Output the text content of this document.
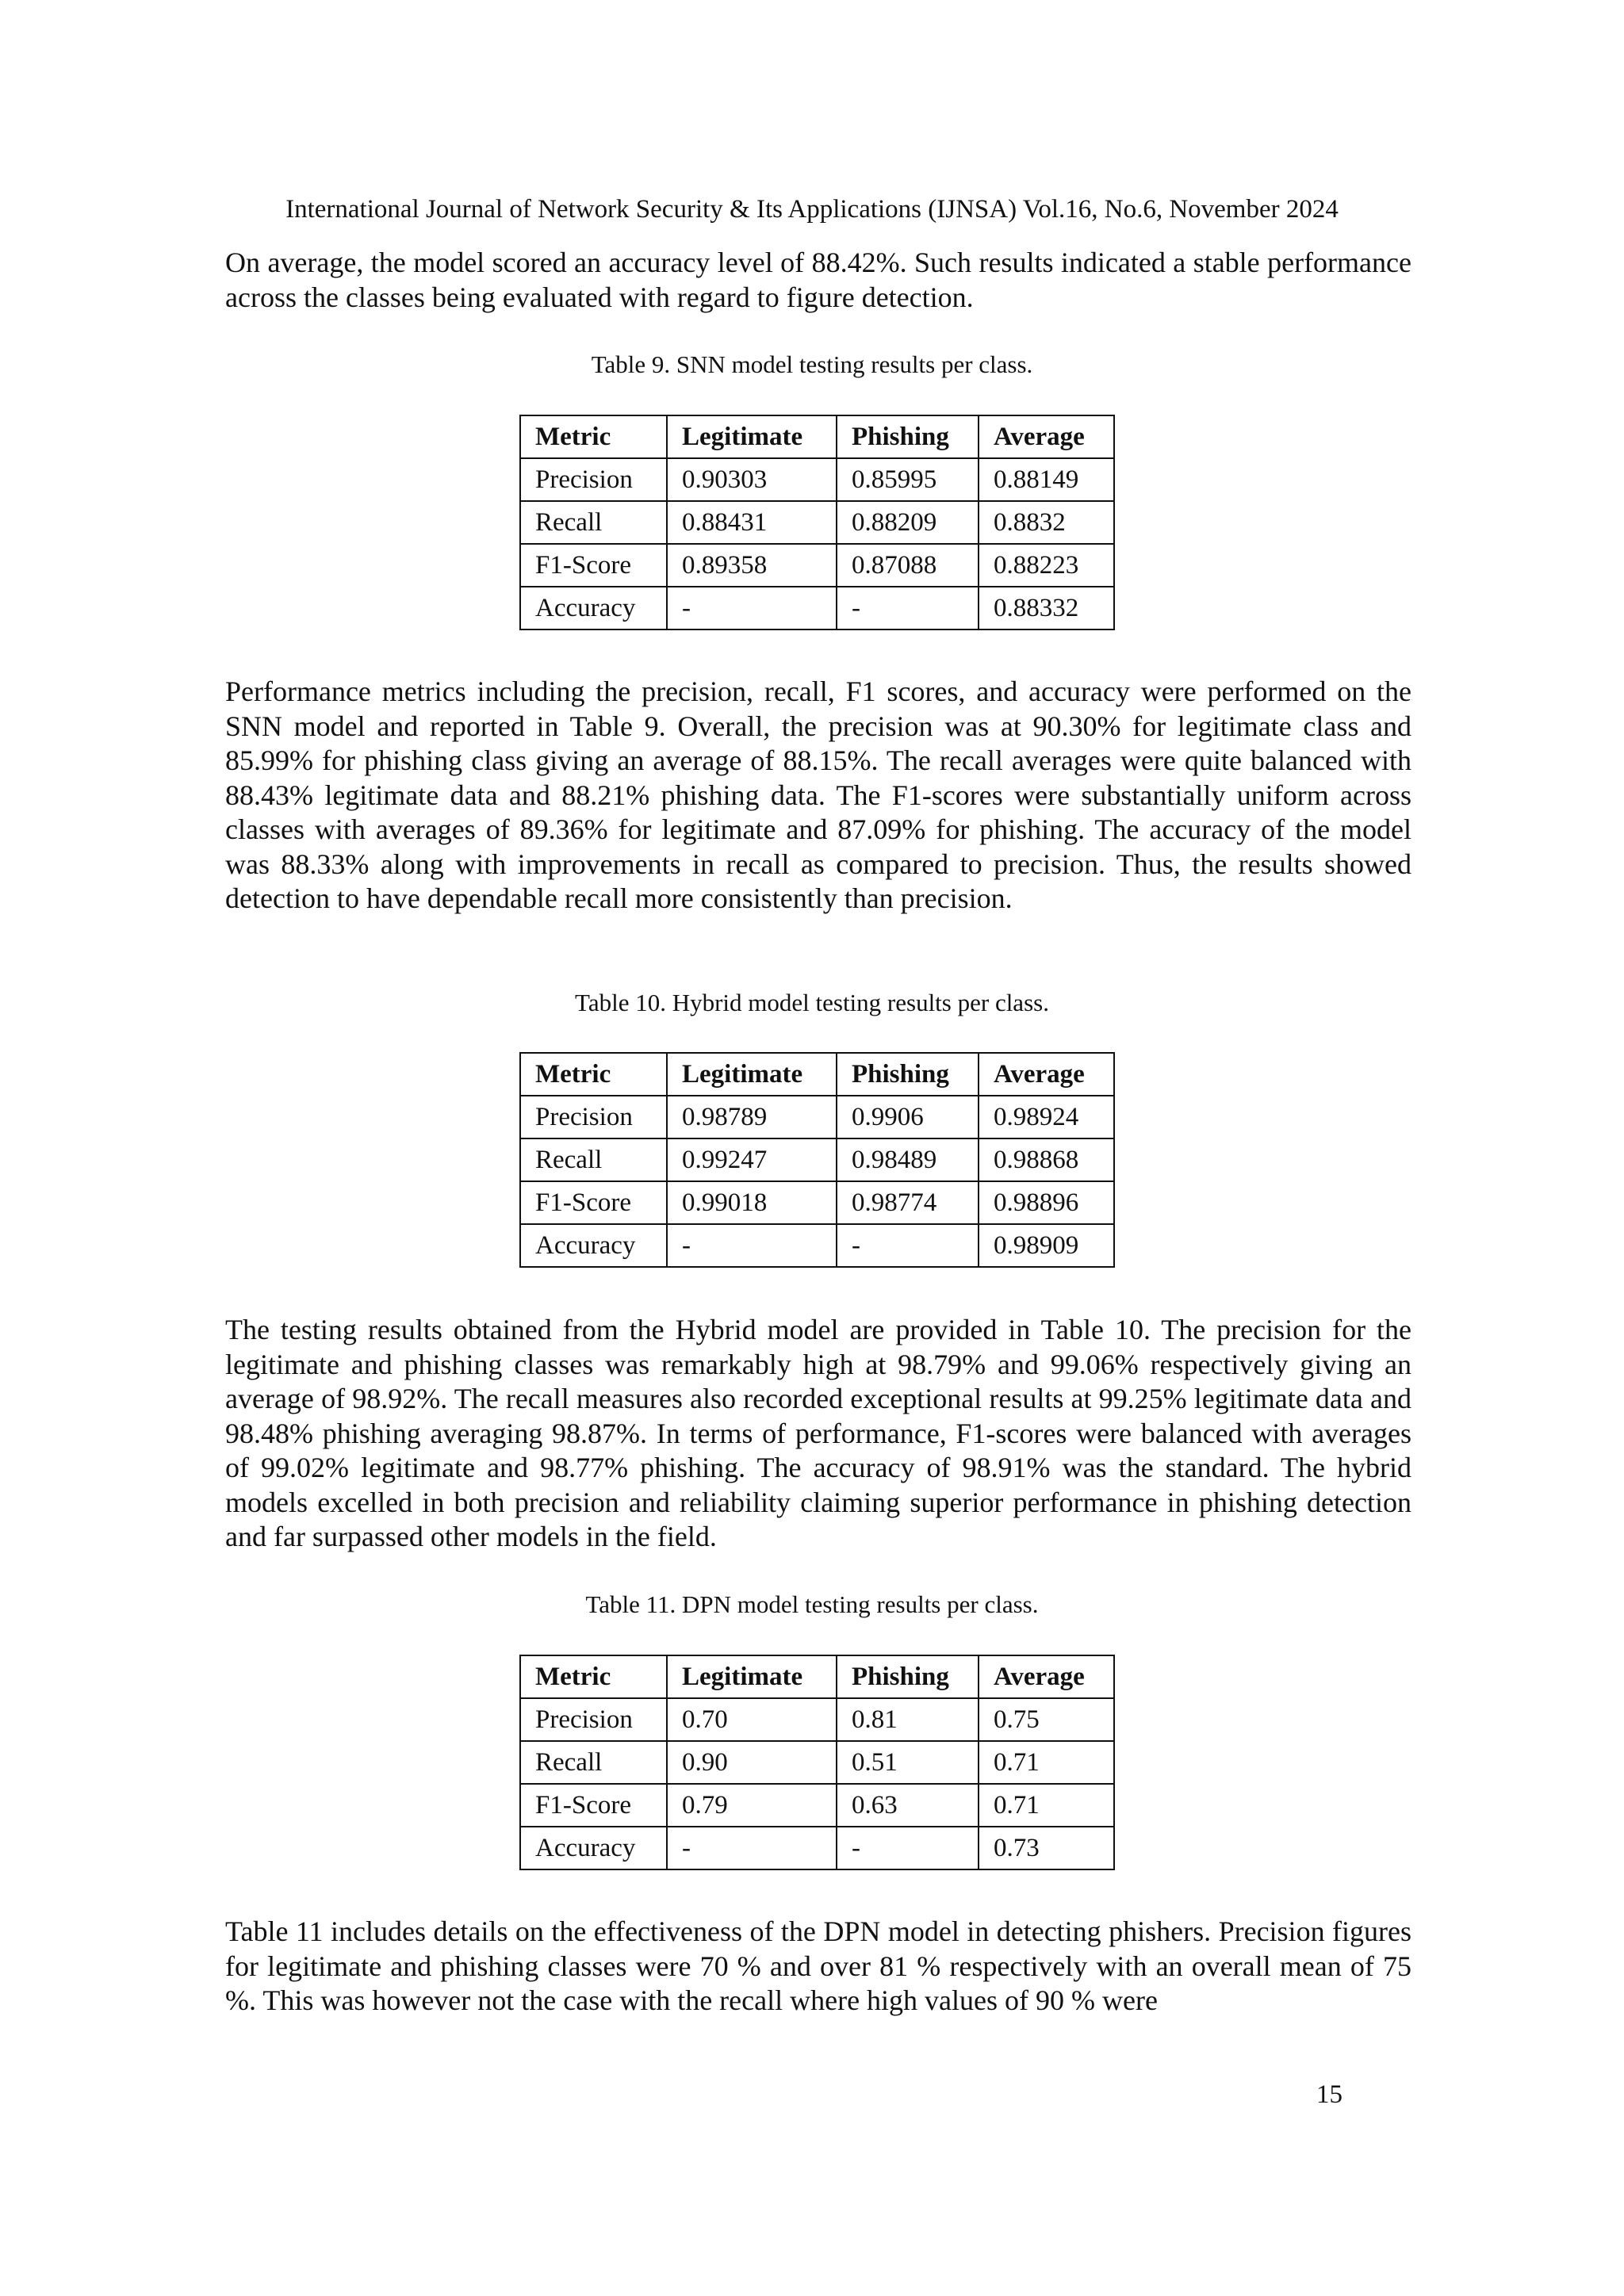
International Journal of Network Security & Its Applications (IJNSA) Vol.16, No.6, November 2024

On average, the model scored an accuracy level of 88.42%. Such results indicated a stable performance across the classes being evaluated with regard to figure detection.

Table 9. SNN model testing results per class.
Metric	Legitimate	Phishing	Average
Precision	0.90303	0.85995	0.88149
Recall	0.88431	0.88209	0.8832
F1-Score	0.89358	0.87088	0.88223
Accuracy	-	-	0.88332

Performance metrics including the precision, recall, F1 scores, and accuracy were performed on the SNN model and reported in Table 9. Overall, the precision was at 90.30% for legitimate class and 85.99% for phishing class giving an average of 88.15%. The recall averages were quite balanced with 88.43% legitimate data and 88.21% phishing data. The F1-scores were substantially uniform across classes with averages of 89.36% for legitimate and 87.09% for phishing. The accuracy of the model was 88.33% along with improvements in recall as compared to precision. Thus, the results showed detection to have dependable recall more consistently than precision.

Table 10. Hybrid model testing results per class.
Metric	Legitimate	Phishing	Average
Precision	0.98789	0.9906	0.98924
Recall	0.99247	0.98489	0.98868
F1-Score	0.99018	0.98774	0.98896
Accuracy	-	-	0.98909

The testing results obtained from the Hybrid model are provided in Table 10. The precision for the legitimate and phishing classes was remarkably high at 98.79% and 99.06% respectively giving an average of 98.92%. The recall measures also recorded exceptional results at 99.25% legitimate data and 98.48% phishing averaging 98.87%. In terms of performance, F1-scores were balanced with averages of 99.02% legitimate and 98.77% phishing. The accuracy of 98.91% was the standard. The hybrid models excelled in both precision and reliability claiming superior performance in phishing detection and far surpassed other models in the field.

Table 11. DPN model testing results per class.
Metric	Legitimate	Phishing	Average
Precision	0.70	0.81	0.75
Recall	0.90	0.51	0.71
F1-Score	0.79	0.63	0.71
Accuracy	-	-	0.73

Table 11 includes details on the effectiveness of the DPN model in detecting phishers. Precision figures for legitimate and phishing classes were 70 % and over 81 % respectively with an overall mean of 75 %. This was however not the case with the recall where high values of 90 % were

15
